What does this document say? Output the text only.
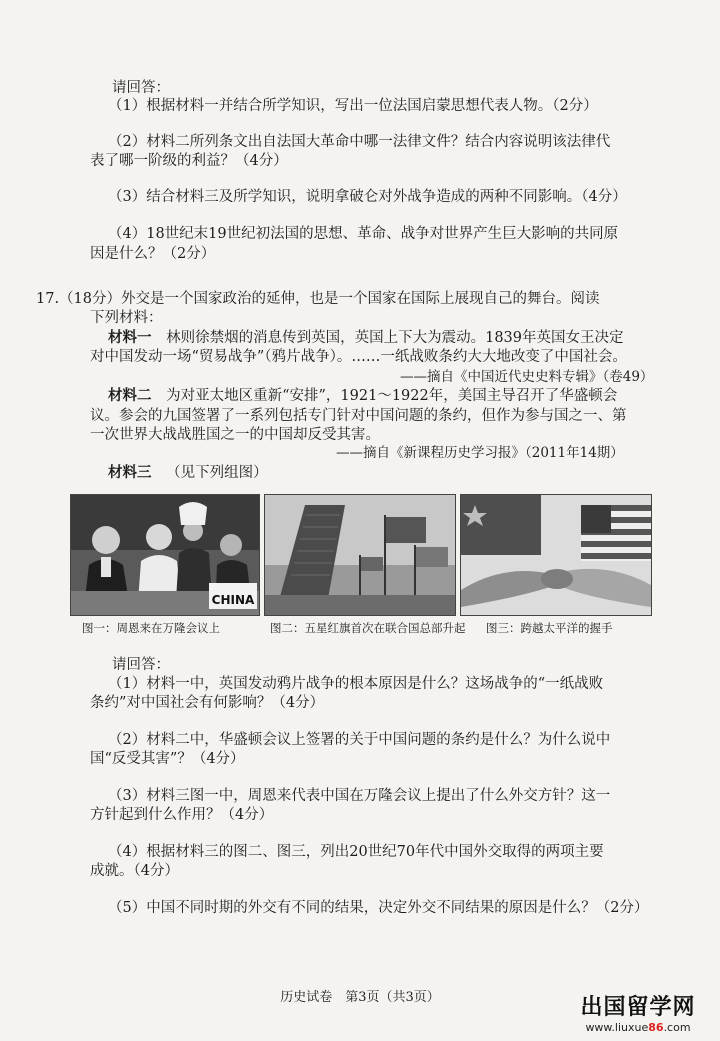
请回答：
（1）根据材料一并结合所学知识，写出一位法国启蒙思想代表人物。（2分）
（2）材料二所列条文出自法国大革命中哪一法律文件？结合内容说明该法律代
表了哪一阶级的利益？（4分）
（3）结合材料三及所学知识，说明拿破仑对外战争造成的两种不同影响。（4分）
（4）18世纪末19世纪初法国的思想、革命、战争对世界产生巨大影响的共同原
因是什么？（2分）
17.（18分）外交是一个国家政治的延伸，也是一个国家在国际上展现自己的舞台。阅读
下列材料：
材料一 林则徐禁烟的消息传到英国，英国上下大为震动。1839年英国女王决定
对中国发动一场“贸易战争”（鸦片战争）。……一纸战败条约大大地改变了中国社会。
——摘自《中国近代史史料专辑》（卷49）
材料二 为对亚太地区重新“安排”，1921～1922年，美国主导召开了华盛顿会
议。参会的九国签署了一系列包括专门针对中国问题的条约，但作为参与国之一、第
一次世界大战战胜国之一的中国却反受其害。
——摘自《新课程历史学习报》（2011年14期）
材料三 （见下列组图）
CHINA
图一：周恩来在万隆会议上	图二：五星红旗首次在联合国总部升起 图三：跨越太平洋的握手
请回答：
（1）材料一中，英国发动鸦片战争的根本原因是什么？这场战争的“一纸战败
条约”对中国社会有何影响？（4分）
（2）材料二中，华盛顿会议上签署的关于中国问题的条约是什么？为什么说中
国“反受其害”？（4分）
（3）材料三图一中，周恩来代表中国在万隆会议上提出了什么外交方针？这一
方针起到什么作用？（4分）
（4）根据材料三的图二、图三，列出20世纪70年代中国外交取得的两项主要
成就。（4分）
（5）中国不同时期的外交有不同的结果，决定外交不同结果的原因是什么？（2分）
历史试卷　第3页（共3页）	出国留学网
www.liuxue86.com
